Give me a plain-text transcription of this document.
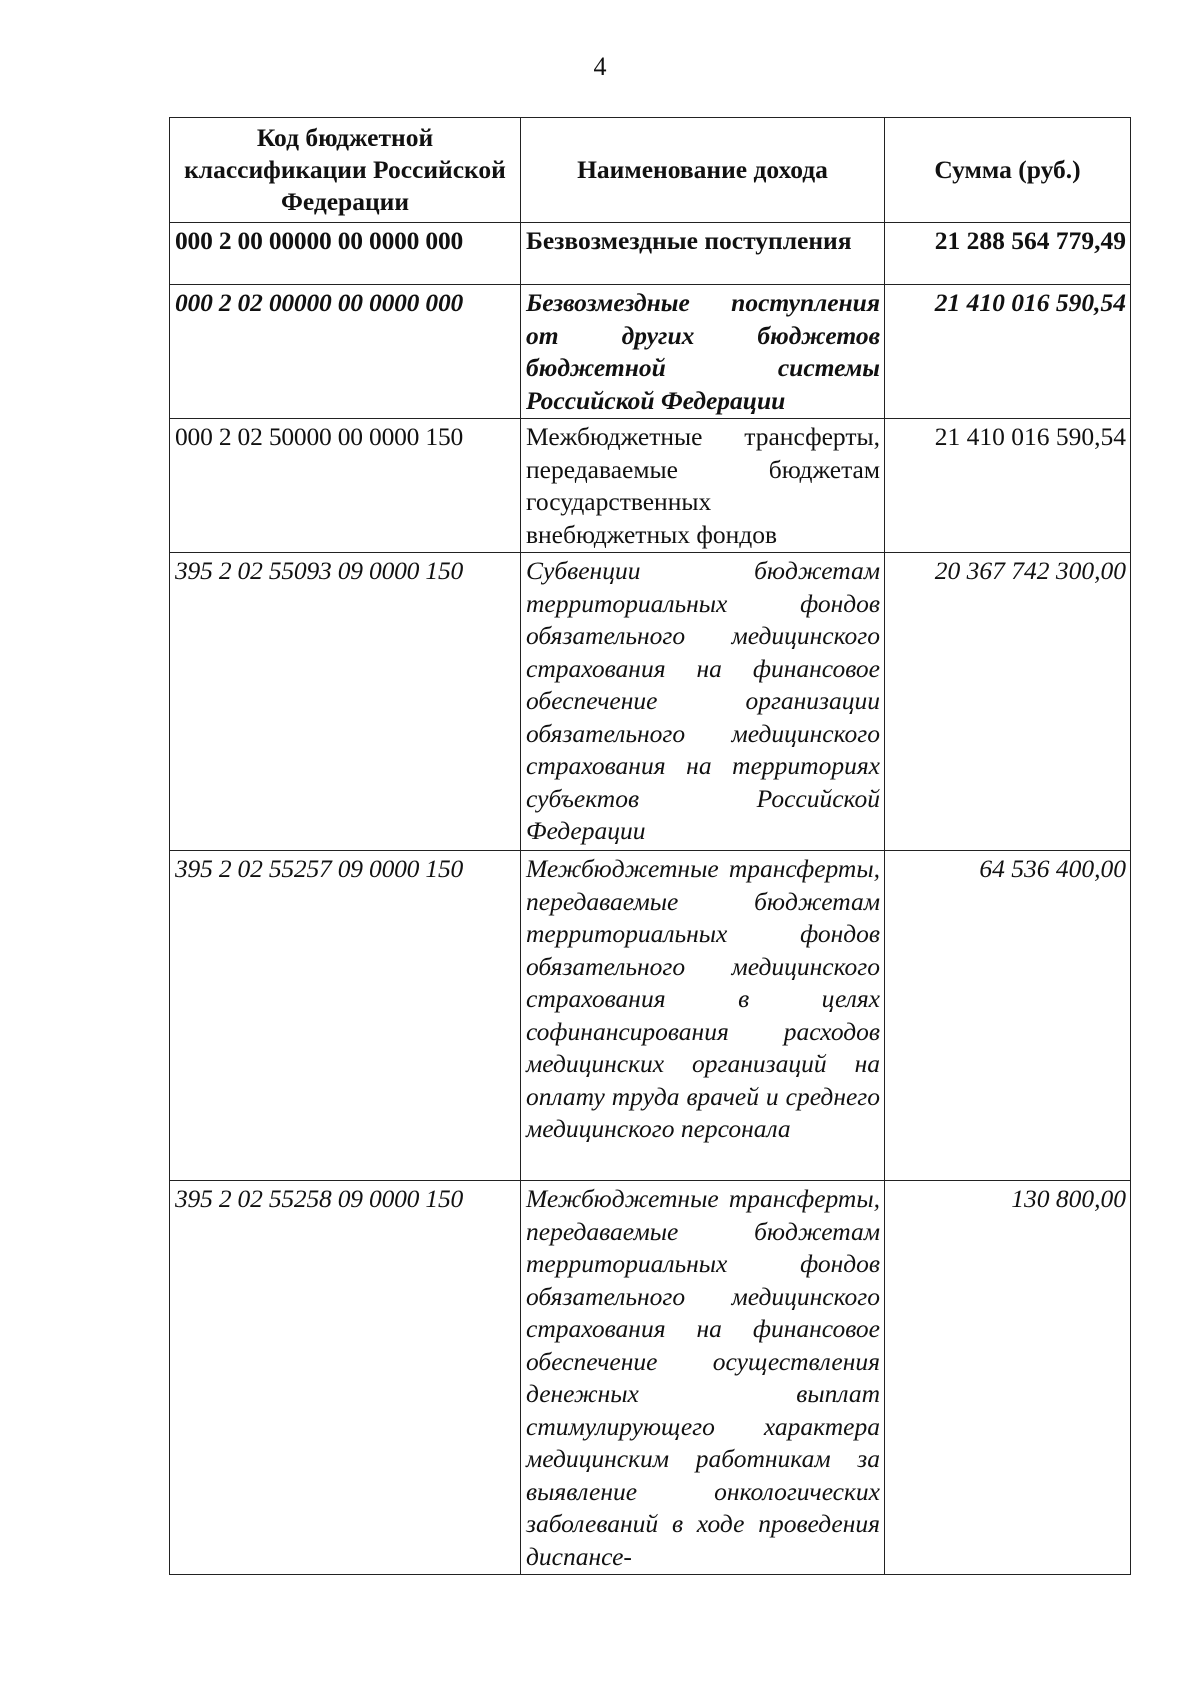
4
Код бюджетной классификации Российской Федерации	Наименование дохода	Сумма (руб.)
000 2 00 00000 00 0000 000	Безвозмездные поступления	21 288 564 779,49
000 2 02 00000 00 0000 000	Безвозмездные поступления от других бюджетов бюджетной системы Российской Федерации	21 410 016 590,54
000 2 02 50000 00 0000 150	Межбюджетные трансферты, передаваемые бюджетам государственных внебюджетных фондов	21 410 016 590,54
395 2 02 55093 09 0000 150	Субвенции бюджетам территориальных фондов обязательного медицинского страхования на финансовое обеспечение организации обязательного медицинского страхования на территориях субъектов Российской Федерации	20 367 742 300,00
395 2 02 55257 09 0000 150	Межбюджетные трансферты, передаваемые бюджетам территориальных фондов обязательного медицинского страхования в целях софинансирования расходов медицинских организаций на оплату труда врачей и среднего медицинского персонала	64 536 400,00
395 2 02 55258 09 0000 150	Межбюджетные трансферты, передаваемые бюджетам территориальных фондов обязательного медицинского страхования на финансовое обеспечение осуществления денежных выплат стимулирующего характера медицинским работникам за выявление онкологических заболеваний в ходе проведения диспансе-	130 800,00
